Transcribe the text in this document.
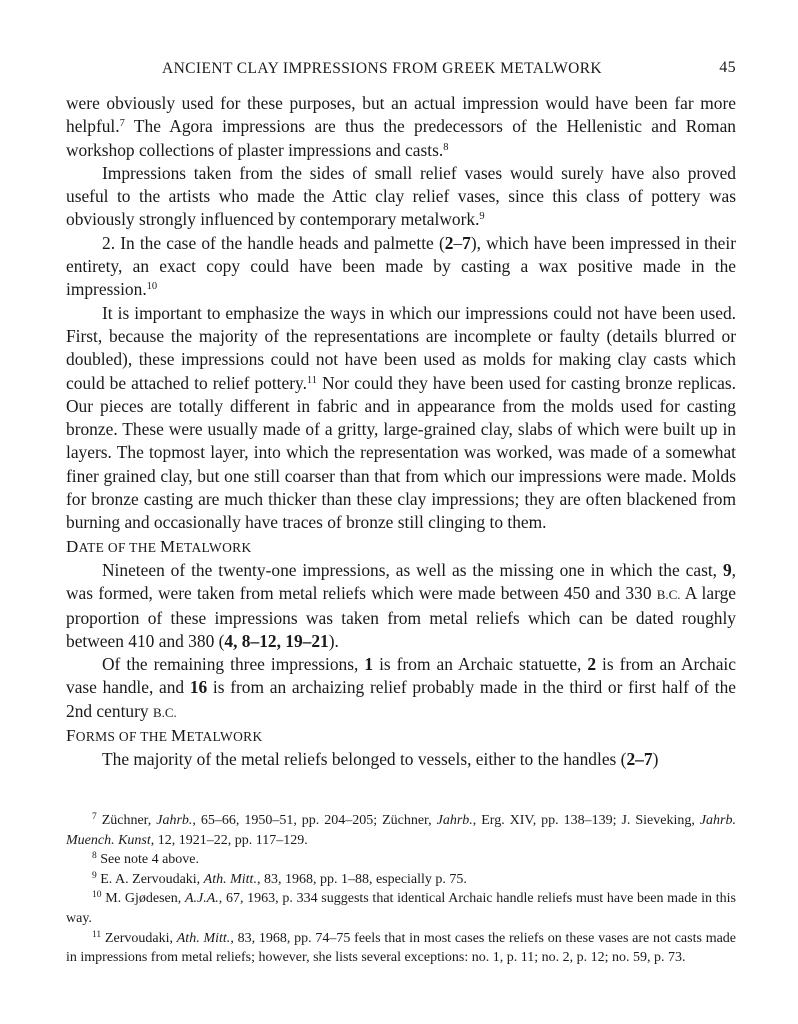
ANCIENT CLAY IMPRESSIONS FROM GREEK METALWORK	45

were obviously used for these purposes, but an actual impression would have been far more helpful.$^7$ The Agora impressions are thus the predecessors of the Hellenistic and Roman workshop collections of plaster impressions and casts.$^8$

Impressions taken from the sides of small relief vases would surely have also proved useful to the artists who made the Attic clay relief vases, since this class of pottery was obviously strongly influenced by contemporary metalwork.$^9$

2. In the case of the handle heads and palmette (2–7), which have been impressed in their entirety, an exact copy could have been made by casting a wax positive made in the impression.$^{10}$

It is important to emphasize the ways in which our impressions could not have been used. First, because the majority of the representations are incomplete or faulty (details blurred or doubled), these impressions could not have been used as molds for making clay casts which could be attached to relief pottery.$^{11}$ Nor could they have been used for casting bronze replicas. Our pieces are totally different in fabric and in appearance from the molds used for casting bronze. These were usually made of a gritty, large-grained clay, slabs of which were built up in layers. The topmost layer, into which the representation was worked, was made of a somewhat finer grained clay, but one still coarser than that from which our impressions were made. Molds for bronze casting are much thicker than these clay impressions; they are often blackened from burning and occasionally have traces of bronze still clinging to them.

DATE OF THE METALWORK

Nineteen of the twenty-one impressions, as well as the missing one in which the cast, 9, was formed, were taken from metal reliefs which were made between 450 and 330 B.C. A large proportion of these impressions was taken from metal reliefs which can be dated roughly between 410 and 380 (4, 8–12, 19–21).

Of the remaining three impressions, 1 is from an Archaic statuette, 2 is from an Archaic vase handle, and 16 is from an archaizing relief probably made in the third or first half of the 2nd century B.C.

FORMS OF THE METALWORK

The majority of the metal reliefs belonged to vessels, either to the handles (2–7)

$^7$ Züchner, Jahrb., 65–66, 1950–51, pp. 204–205; Züchner, Jahrb., Erg. XIV, pp. 138–139; J. Sieveking, Jahrb. Muench. Kunst, 12, 1921–22, pp. 117–129.

$^8$ See note 4 above.

$^9$ E. A. Zervoudaki, Ath. Mitt., 83, 1968, pp. 1–88, especially p. 75.

$^{10}$ M. Gjødesen, A.J.A., 67, 1963, p. 334 suggests that identical Archaic handle reliefs must have been made in this way.

$^{11}$ Zervoudaki, Ath. Mitt., 83, 1968, pp. 74–75 feels that in most cases the reliefs on these vases are not casts made in impressions from metal reliefs; however, she lists several exceptions: no. 1, p. 11; no. 2, p. 12; no. 59, p. 73.
